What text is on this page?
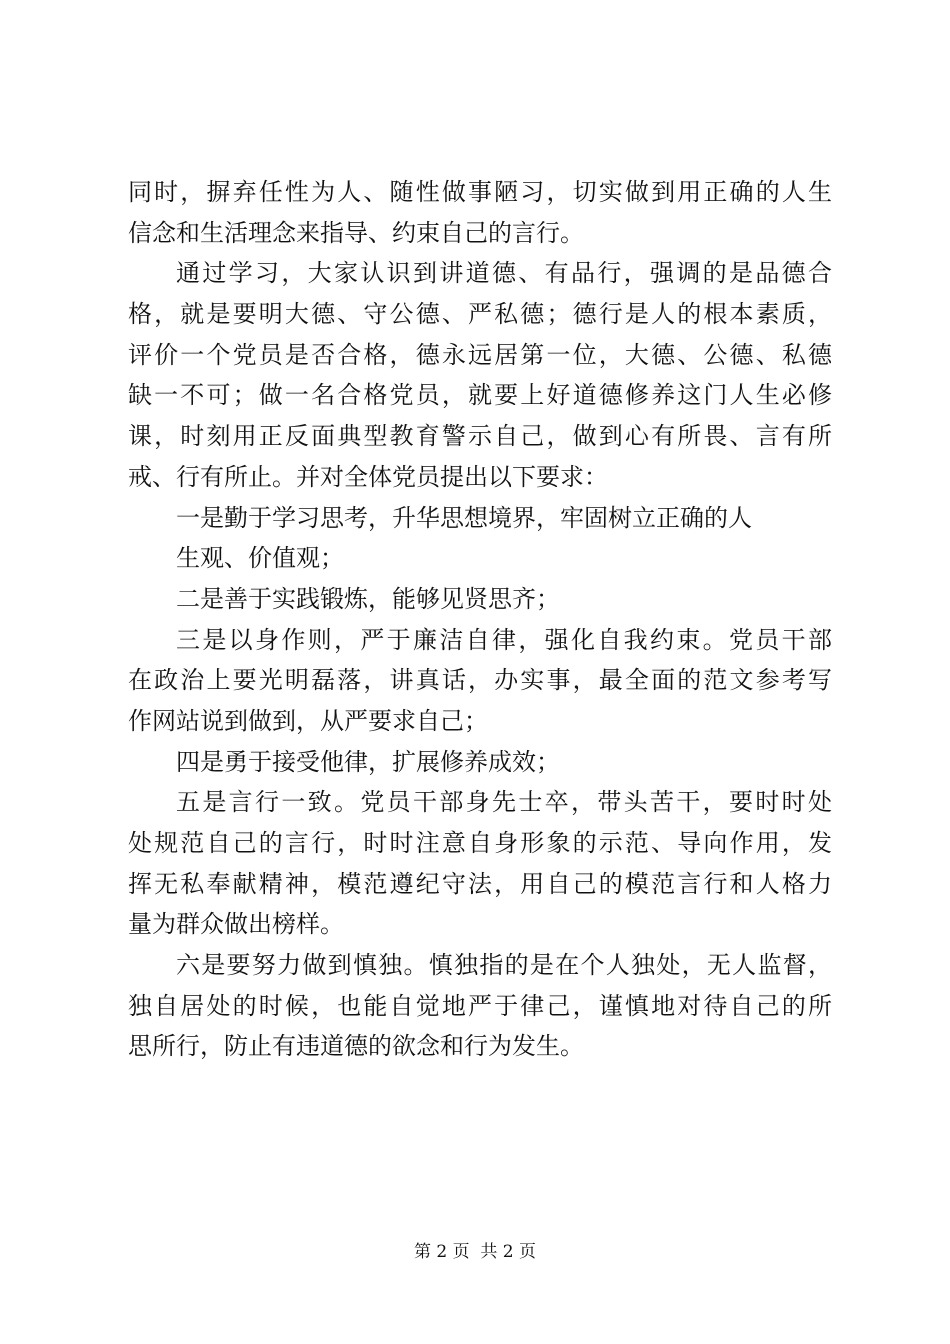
同时，摒弃任性为人、随性做事陋习，切实做到用正确的人生
信念和生活理念来指导、约束自己的言行。
通过学习，大家认识到讲道德、有品行，强调的是品德合
格，就是要明大德、守公德、严私德；德行是人的根本素质，
评价一个党员是否合格，德永远居第一位，大德、公德、私德
缺一不可；做一名合格党员，就要上好道德修养这门人生必修
课，时刻用正反面典型教育警示自己，做到心有所畏、言有所
戒、行有所止。并对全体党员提出以下要求：
一是勤于学习思考，升华思想境界，牢固树立正确的人
生观、价值观；
二是善于实践锻炼，能够见贤思齐；
三是以身作则，严于廉洁自律，强化自我约束。党员干部
在政治上要光明磊落，讲真话，办实事，最全面的范文参考写
作网站说到做到，从严要求自己；
四是勇于接受他律，扩展修养成效；
五是言行一致。党员干部身先士卒，带头苦干，要时时处
处规范自己的言行，时时注意自身形象的示范、导向作用，发
挥无私奉献精神，模范遵纪守法，用自己的模范言行和人格力
量为群众做出榜样。
六是要努力做到慎独。慎独指的是在个人独处，无人监督，
独自居处的时候，也能自觉地严于律己，谨慎地对待自己的所
思所行，防止有违道德的欲念和行为发生。
第 2 页  共 2 页
